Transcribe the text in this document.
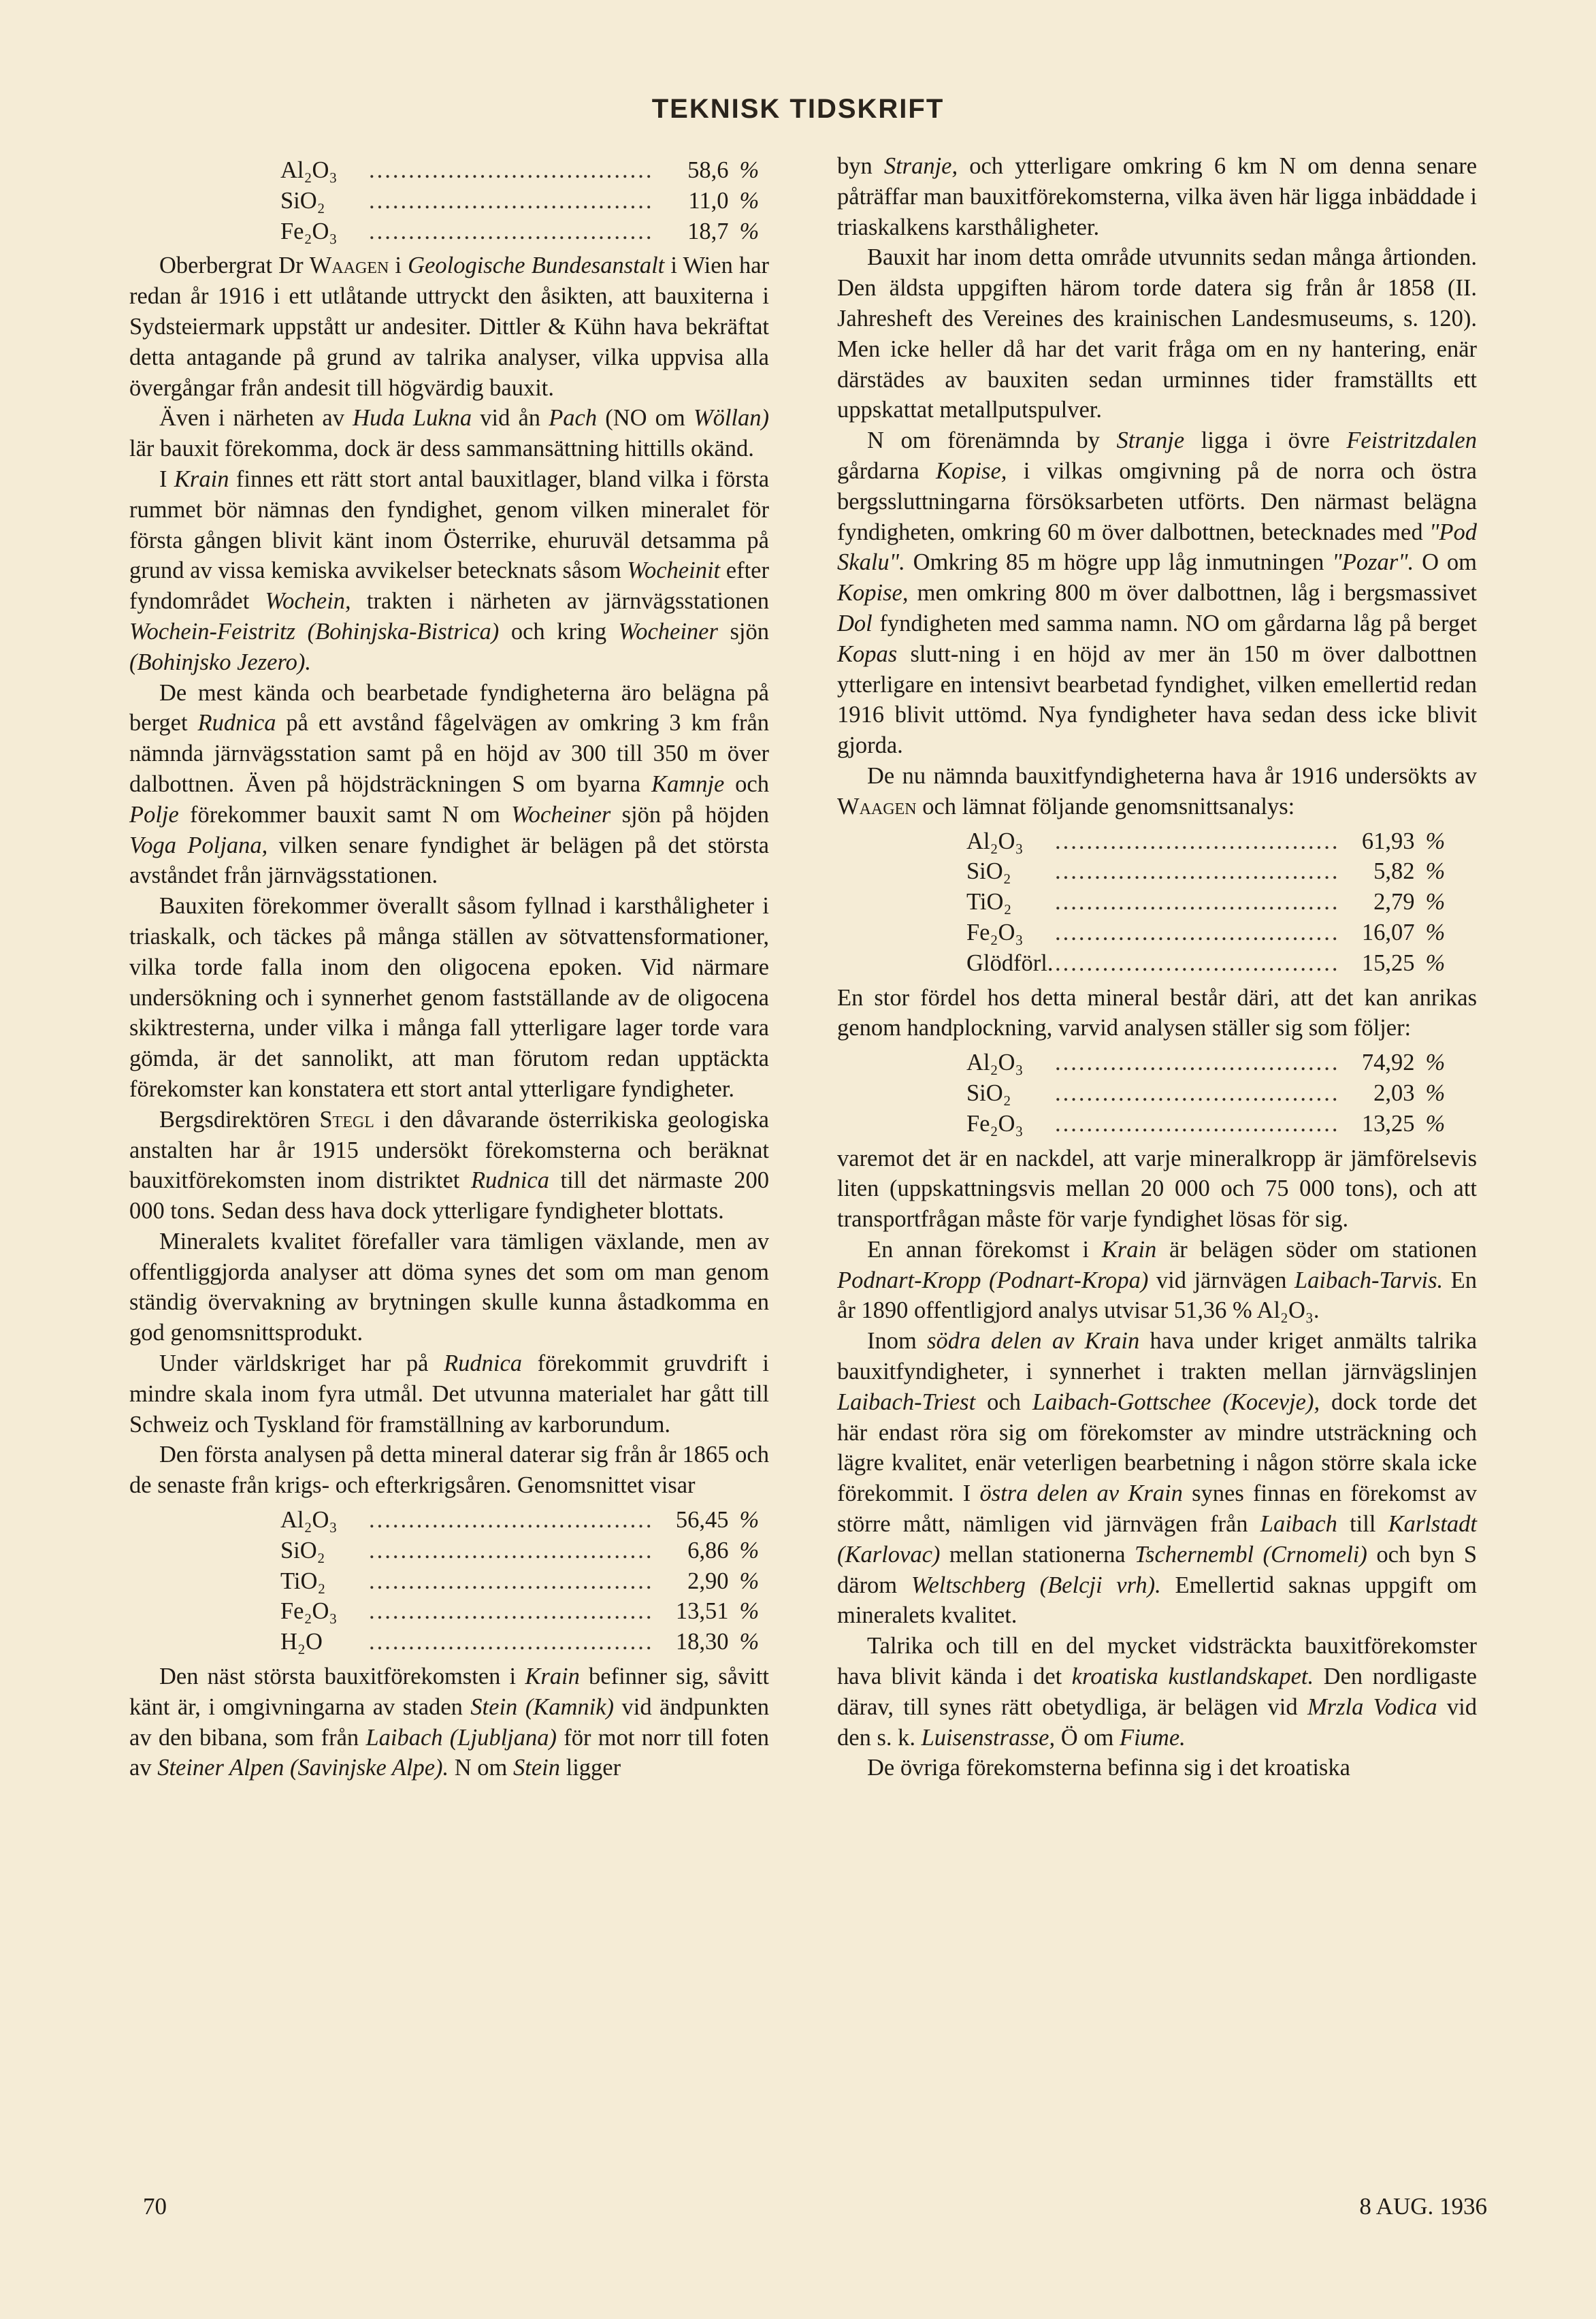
TEKNISK TIDSKRIFT
Al₂O₃	.....	58,6	%
SiO₂	.....	11,0	%
Fe₂O₃	.....	18,7	%

Oberbergrat Dr Waagen i Geologische Bundesanstalt i Wien har redan år 1916 i ett utlåtande uttryckt den åsikten, att bauxiterna i Sydsteiermark uppstått ur andesiter. Dittler & Kühn hava bekräftat detta antagande på grund av talrika analyser, vilka uppvisa alla övergångar från andesit till högvärdig bauxit.

Även i närheten av Huda Lukna vid ån Pach (NO om Wöllan) lär bauxit förekomma, dock är dess sammansättning hittills okänd.

I Krain finnes ett rätt stort antal bauxitlager, bland vilka i första rummet bör nämnas den fyndighet, genom vilken mineralet för första gången blivit känt inom Österrike, ehuruväl detsamma på grund av vissa kemiska avvikelser betecknats såsom Wocheinit efter fyndområdet Wochein, trakten i närheten av järnvägsstationen Wochein-Feistritz (Bohinjska-Bistrica) och kring Wocheiner sjön (Bohinjsko Jezero).

De mest kända och bearbetade fyndigheterna äro belägna på berget Rudnica på ett avstånd fågelvägen av omkring 3 km från nämnda järnvägsstation samt på en höjd av 300 till 350 m över dalbottnen. Även på höjdsträckningen S om byarna Kamnje och Polje förekommer bauxit samt N om Wocheiner sjön på höjden Voga Poljana, vilken senare fyndighet är belägen på det största avståndet från järnvägsstationen.

Bauxiten förekommer överallt såsom fyllnad i karsthåligheter i triaskalk, och täckes på många ställen av sötvattensformationer, vilka torde falla inom den oligocena epoken. Vid närmare undersökning och i synnerhet genom fastställande av de oligocena skiktresterna, under vilka i många fall ytterligare lager torde vara gömda, är det sannolikt, att man förutom redan upptäckta förekomster kan konstatera ett stort antal ytterligare fyndigheter.

Bergsdirektören Stegl i den dåvarande österrikiska geologiska anstalten har år 1915 undersökt förekomsterna och beräknat bauxitförekomsten inom distriktet Rudnica till det närmaste 200 000 tons. Sedan dess hava dock ytterligare fyndigheter blottats.

Mineralets kvalitet förefaller vara tämligen växlande, men av offentliggjorda analyser att döma synes det som om man genom ständig övervakning av brytningen skulle kunna åstadkomma en god genomsnittsprodukt.

Under världskriget har på Rudnica förekommit gruvdrift i mindre skala inom fyra utmål. Det utvunna materialet har gått till Schweiz och Tyskland för framställning av karborundum.

Den första analysen på detta mineral daterar sig från år 1865 och de senaste från krigs- och efterkrigsåren. Genomsnittet visar

Al₂O₃	.....	56,45	%
SiO₂	.....	6,86	%
TiO₂	.....	2,90	%
Fe₂O₃	.....	13,51	%
H₂O	.....	18,30	%

Den näst största bauxitförekomsten i Krain befinner sig, såvitt känt är, i omgivningarna av staden Stein (Kamnik) vid ändpunkten av den bibana, som från Laibach (Ljubljana) för mot norr till foten av Steiner Alpen (Savinjske Alpe). N om Stein ligger

byn Stranje, och ytterligare omkring 6 km N om denna senare påträffar man bauxitförekomsterna, vilka även här ligga inbäddade i triaskalkens karsthåligheter.

Bauxit har inom detta område utvunnits sedan många årtionden. Den äldsta uppgiften härom torde datera sig från år 1858 (II. Jahresheft des Vereines des krainischen Landesmuseums, s. 120). Men icke heller då har det varit fråga om en ny hantering, enär därstädes av bauxiten sedan urminnes tider framställts ett uppskattat metallputspulver.

N om förenämnda by Stranje ligga i övre Feistritzdalen gårdarna Kopise, i vilkas omgivning på de norra och östra bergssluttningarna försöksarbeten utförts. Den närmast belägna fyndigheten, omkring 60 m över dalbottnen, betecknades med "Pod Skalu". Omkring 85 m högre upp låg inmutningen "Pozar". O om Kopise, men omkring 800 m över dalbottnen, låg i bergsmassivet Dol fyndigheten med samma namn. NO om gårdarna låg på berget Kopas slutt-ning i en höjd av mer än 150 m över dalbottnen ytterligare en intensivt bearbetad fyndighet, vilken emellertid redan 1916 blivit uttömd. Nya fyndigheter hava sedan dess icke blivit gjorda.

De nu nämnda bauxitfyndigheterna hava år 1916 undersökts av Waagen och lämnat följande genomsnittsanalys:

Al₂O₃	.....	61,93	%
SiO₂	.....	5,82	%
TiO₂	.....	2,79	%
Fe₂O₃	.....	16,07	%
Glödförl.	.....	15,25	%

En stor fördel hos detta mineral består däri, att det kan anrikas genom handplockning, varvid analysen ställer sig som följer:

Al₂O₃	.....	74,92	%
SiO₂	.....	2,03	%
Fe₂O₃	.....	13,25	%

varemot det är en nackdel, att varje mineralkropp är jämförelsevis liten (uppskattningsvis mellan 20 000 och 75 000 tons), och att transportfrågan måste för varje fyndighet lösas för sig.

En annan förekomst i Krain är belägen söder om stationen Podnart-Kropp (Podnart-Kropa) vid järnvägen Laibach-Tarvis. En år 1890 offentligjord analys utvisar 51,36 % Al₂O₃.

Inom södra delen av Krain hava under kriget anmälts talrika bauxitfyndigheter, i synnerhet i trakten mellan järnvägslinjen Laibach-Triest och Laibach-Gottschee (Kocevje), dock torde det här endast röra sig om förekomster av mindre utsträckning och lägre kvalitet, enär veterligen bearbetning i någon större skala icke förekommit. I östra delen av Krain synes finnas en förekomst av större mått, nämligen vid järnvägen från Laibach till Karlstadt (Karlovac) mellan stationerna Tschernembl (Crnomeli) och byn S därom Weltschberg (Belcji vrh). Emellertid saknas uppgift om mineralets kvalitet.

Talrika och till en del mycket vidsträckta bauxitförekomster hava blivit kända i det kroatiska kustlandskapet. Den nordligaste därav, till synes rätt obetydliga, är belägen vid Mrzla Vodica vid den s. k. Luisenstrasse, Ö om Fiume.

De övriga förekomsterna befinna sig i det kroatiska

70	8 AUG. 1936
